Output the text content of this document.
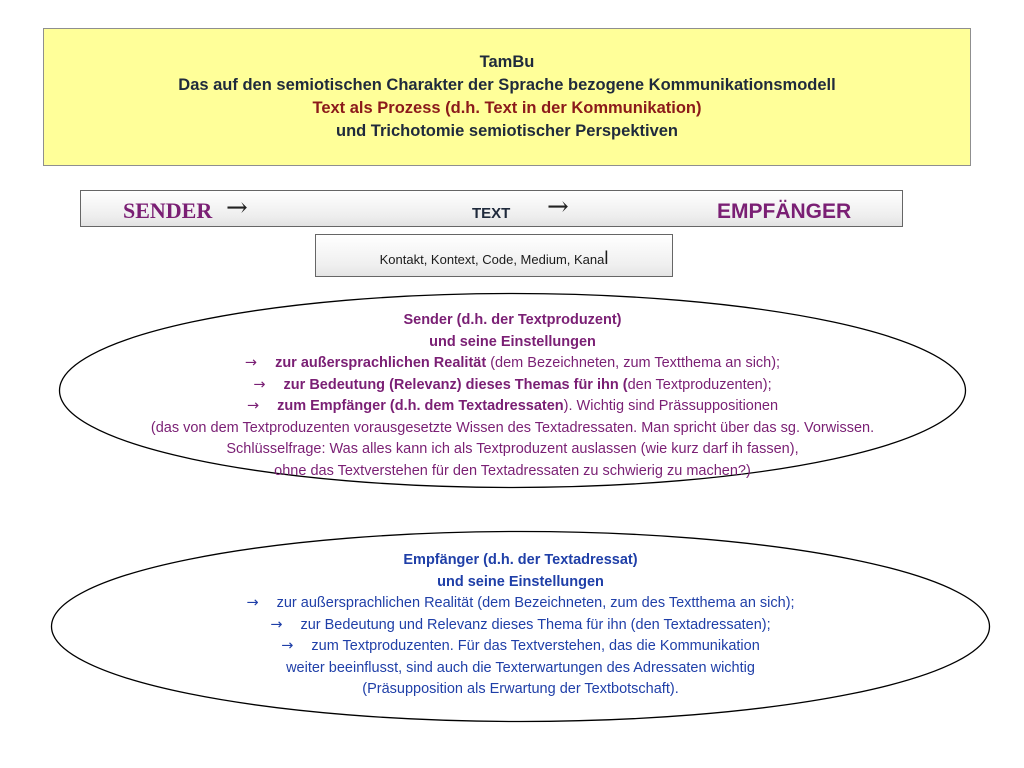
TamBu
Das auf den semiotischen Charakter der Sprache bezogene Kommunikationsmodell
Text als Prozess (d.h. Text in der Kommunikation)
und Trichotomie semiotischer Perspektiven
SENDER →	TEXT →	EMPFÄNGER
Kontakt, Kontext, Code, Medium, Kanal
Sender (d.h. der Textproduzent)
und seine Einstellungen
→ zur außersprachlichen Realität (dem Bezeichneten, zum Textthema an sich);
→ zur Bedeutung (Relevanz) dieses Themas für ihn (den Textproduzenten);
→ zum Empfänger (d.h. dem Textadressaten). Wichtig sind Prässuppositionen
(das von dem Textproduzenten vorausgesetzte Wissen des Textadressaten. Man spricht über das sg. Vorwissen.
Schlüsselfrage: Was alles kann ich als Textproduzent auslassen (wie kurz darf ih fassen),
ohne das Textverstehen für den Textadressaten zu schwierig zu machen?)
Empfänger (d.h. der Textadressat)
und seine Einstellungen
→ zur außersprachlichen Realität (dem Bezeichneten, zum des Textthema an sich);
→ zur Bedeutung und Relevanz dieses Thema für ihn (den Textadressaten);
→ zum Textproduzenten. Für das Textverstehen, das die Kommunikation
weiter beeinflusst, sind auch die Texterwartungen des Adressaten wichtig
(Präsupposition als Erwartung der Textbotschaft).
